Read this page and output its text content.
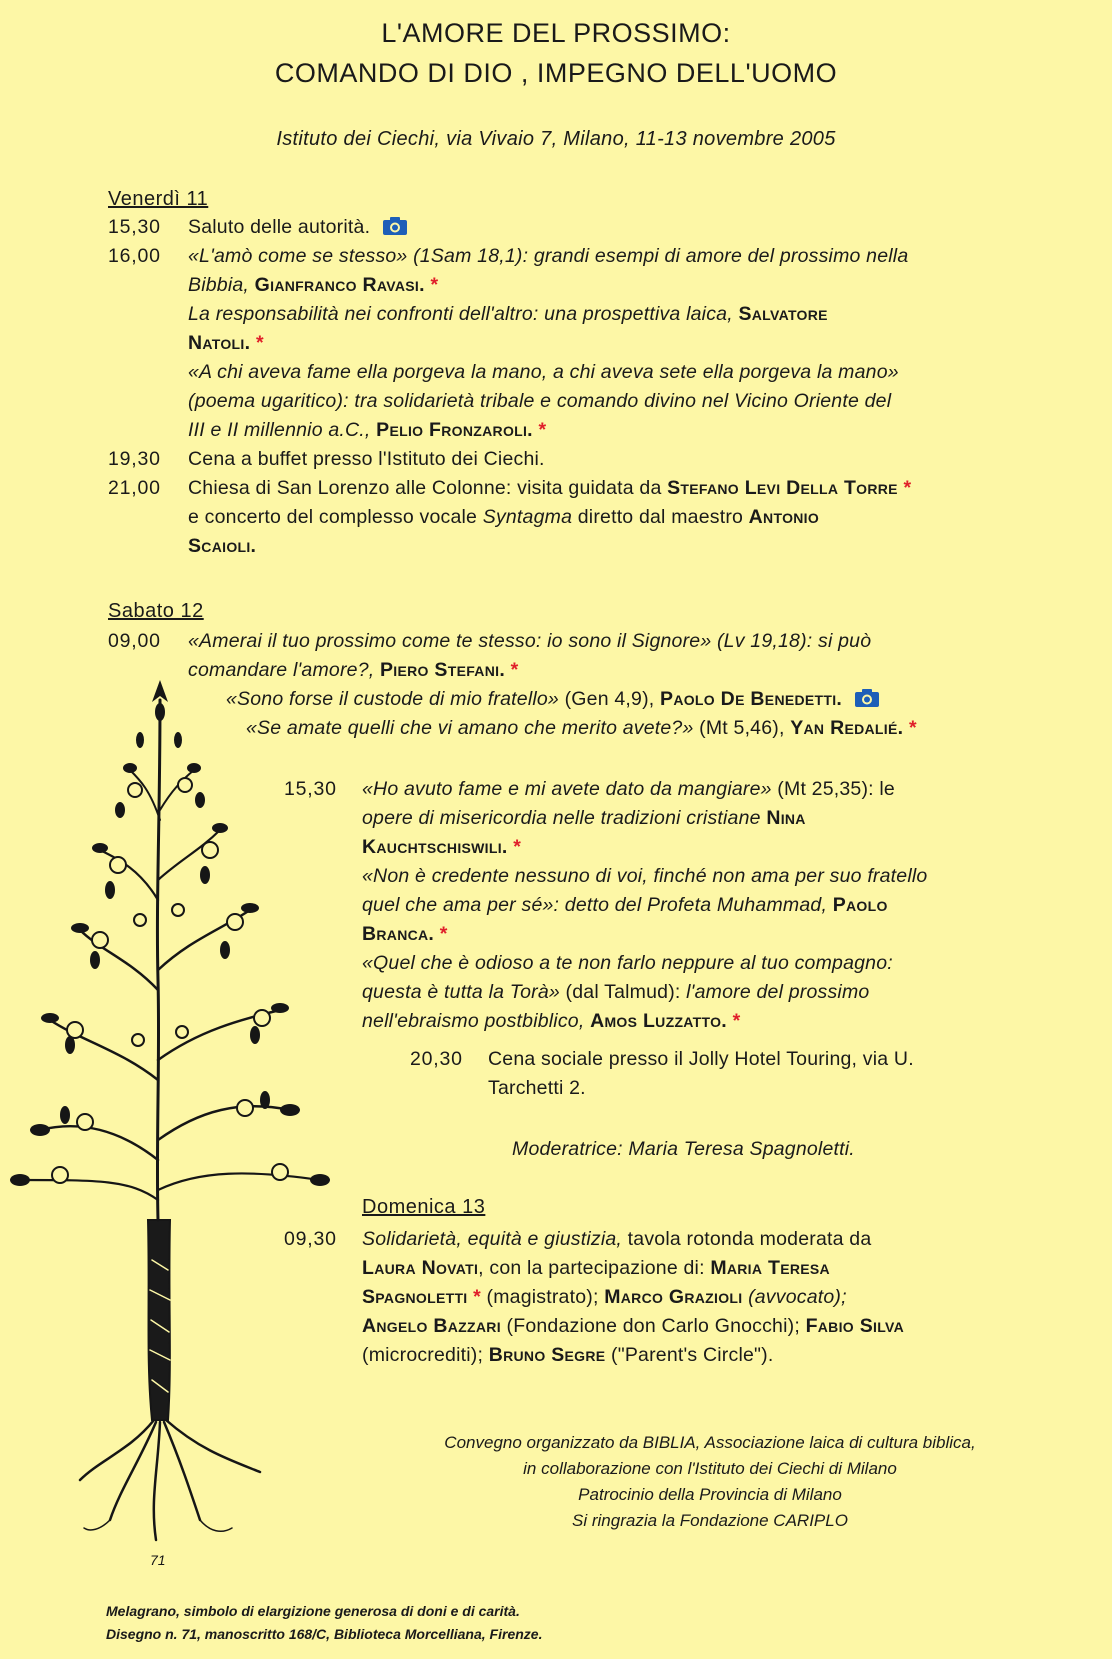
L'AMORE DEL PROSSIMO:
COMANDO DI DIO , IMPEGNO DELL'UOMO
Istituto dei Ciechi, via Vivaio 7, Milano, 11-13 novembre 2005
Venerdì 11
15,30 Saluto delle autorità.
16,00 «L'amò come se stesso» (1Sam 18,1): grandi esempi di amore del prossimo nella
Bibbia, Gianfranco Ravasi. *
La responsabilità nei confronti dell'altro: una prospettiva laica, Salvatore
Natoli. *
«A chi aveva fame ella porgeva la mano, a chi aveva sete ella porgeva la mano»
(poema ugaritico): tra solidarietà tribale e comando divino nel Vicino Oriente del
III e II millennio a.C., Pelio Fronzaroli. *
19,30 Cena a buffet presso l'Istituto dei Ciechi.
21,00 Chiesa di San Lorenzo alle Colonne: visita guidata da Stefano Levi Della Torre *
e concerto del complesso vocale Syntagma diretto dal maestro Antonio
Scaioli.
Sabato 12
09,00 «Amerai il tuo prossimo come te stesso: io sono il Signore» (Lv 19,18): si può
comandare l'amore?, Piero Stefani. *
«Sono forse il custode di mio fratello» (Gen 4,9), Paolo De Benedetti.
«Se amate quelli che vi amano che merito avete?» (Mt 5,46), Yan Redalié. *
15,30 «Ho avuto fame e mi avete dato da mangiare» (Mt 25,35): le
opere di misericordia nelle tradizioni cristiane Nina
Kauchtschiswili. *
«Non è credente nessuno di voi, finché non ama per suo fratello
quel che ama per sé»: detto del Profeta Muhammad, Paolo
Branca. *
«Quel che è odioso a te non farlo neppure al tuo compagno:
questa è tutta la Torà» (dal Talmud): l'amore del prossimo
nell'ebraismo postbiblico, Amos Luzzatto. *
20,30 Cena sociale presso il Jolly Hotel Touring, via U.
Tarchetti 2.
Moderatrice: Maria Teresa Spagnoletti.
Domenica 13
09,30 Solidarietà, equità e giustizia, tavola rotonda moderata da
Laura Novati, con la partecipazione di: Maria Teresa
Spagnoletti * (magistrato); Marco Grazioli (avvocato);
Angelo Bazzari (Fondazione don Carlo Gnocchi); Fabio Silva
(microcrediti); Bruno Segre ("Parent's Circle").
Convegno organizzato da BIBLIA, Associazione laica di cultura biblica,
in collaborazione con l'Istituto dei Ciechi di Milano
Patrocinio della Provincia di Milano
Si ringrazia la Fondazione CARIPLO
71
Melagrano, simbolo di elargizione generosa di doni e di carità.
Disegno n. 71, manoscritto 168/C, Biblioteca Morcelliana, Firenze.
